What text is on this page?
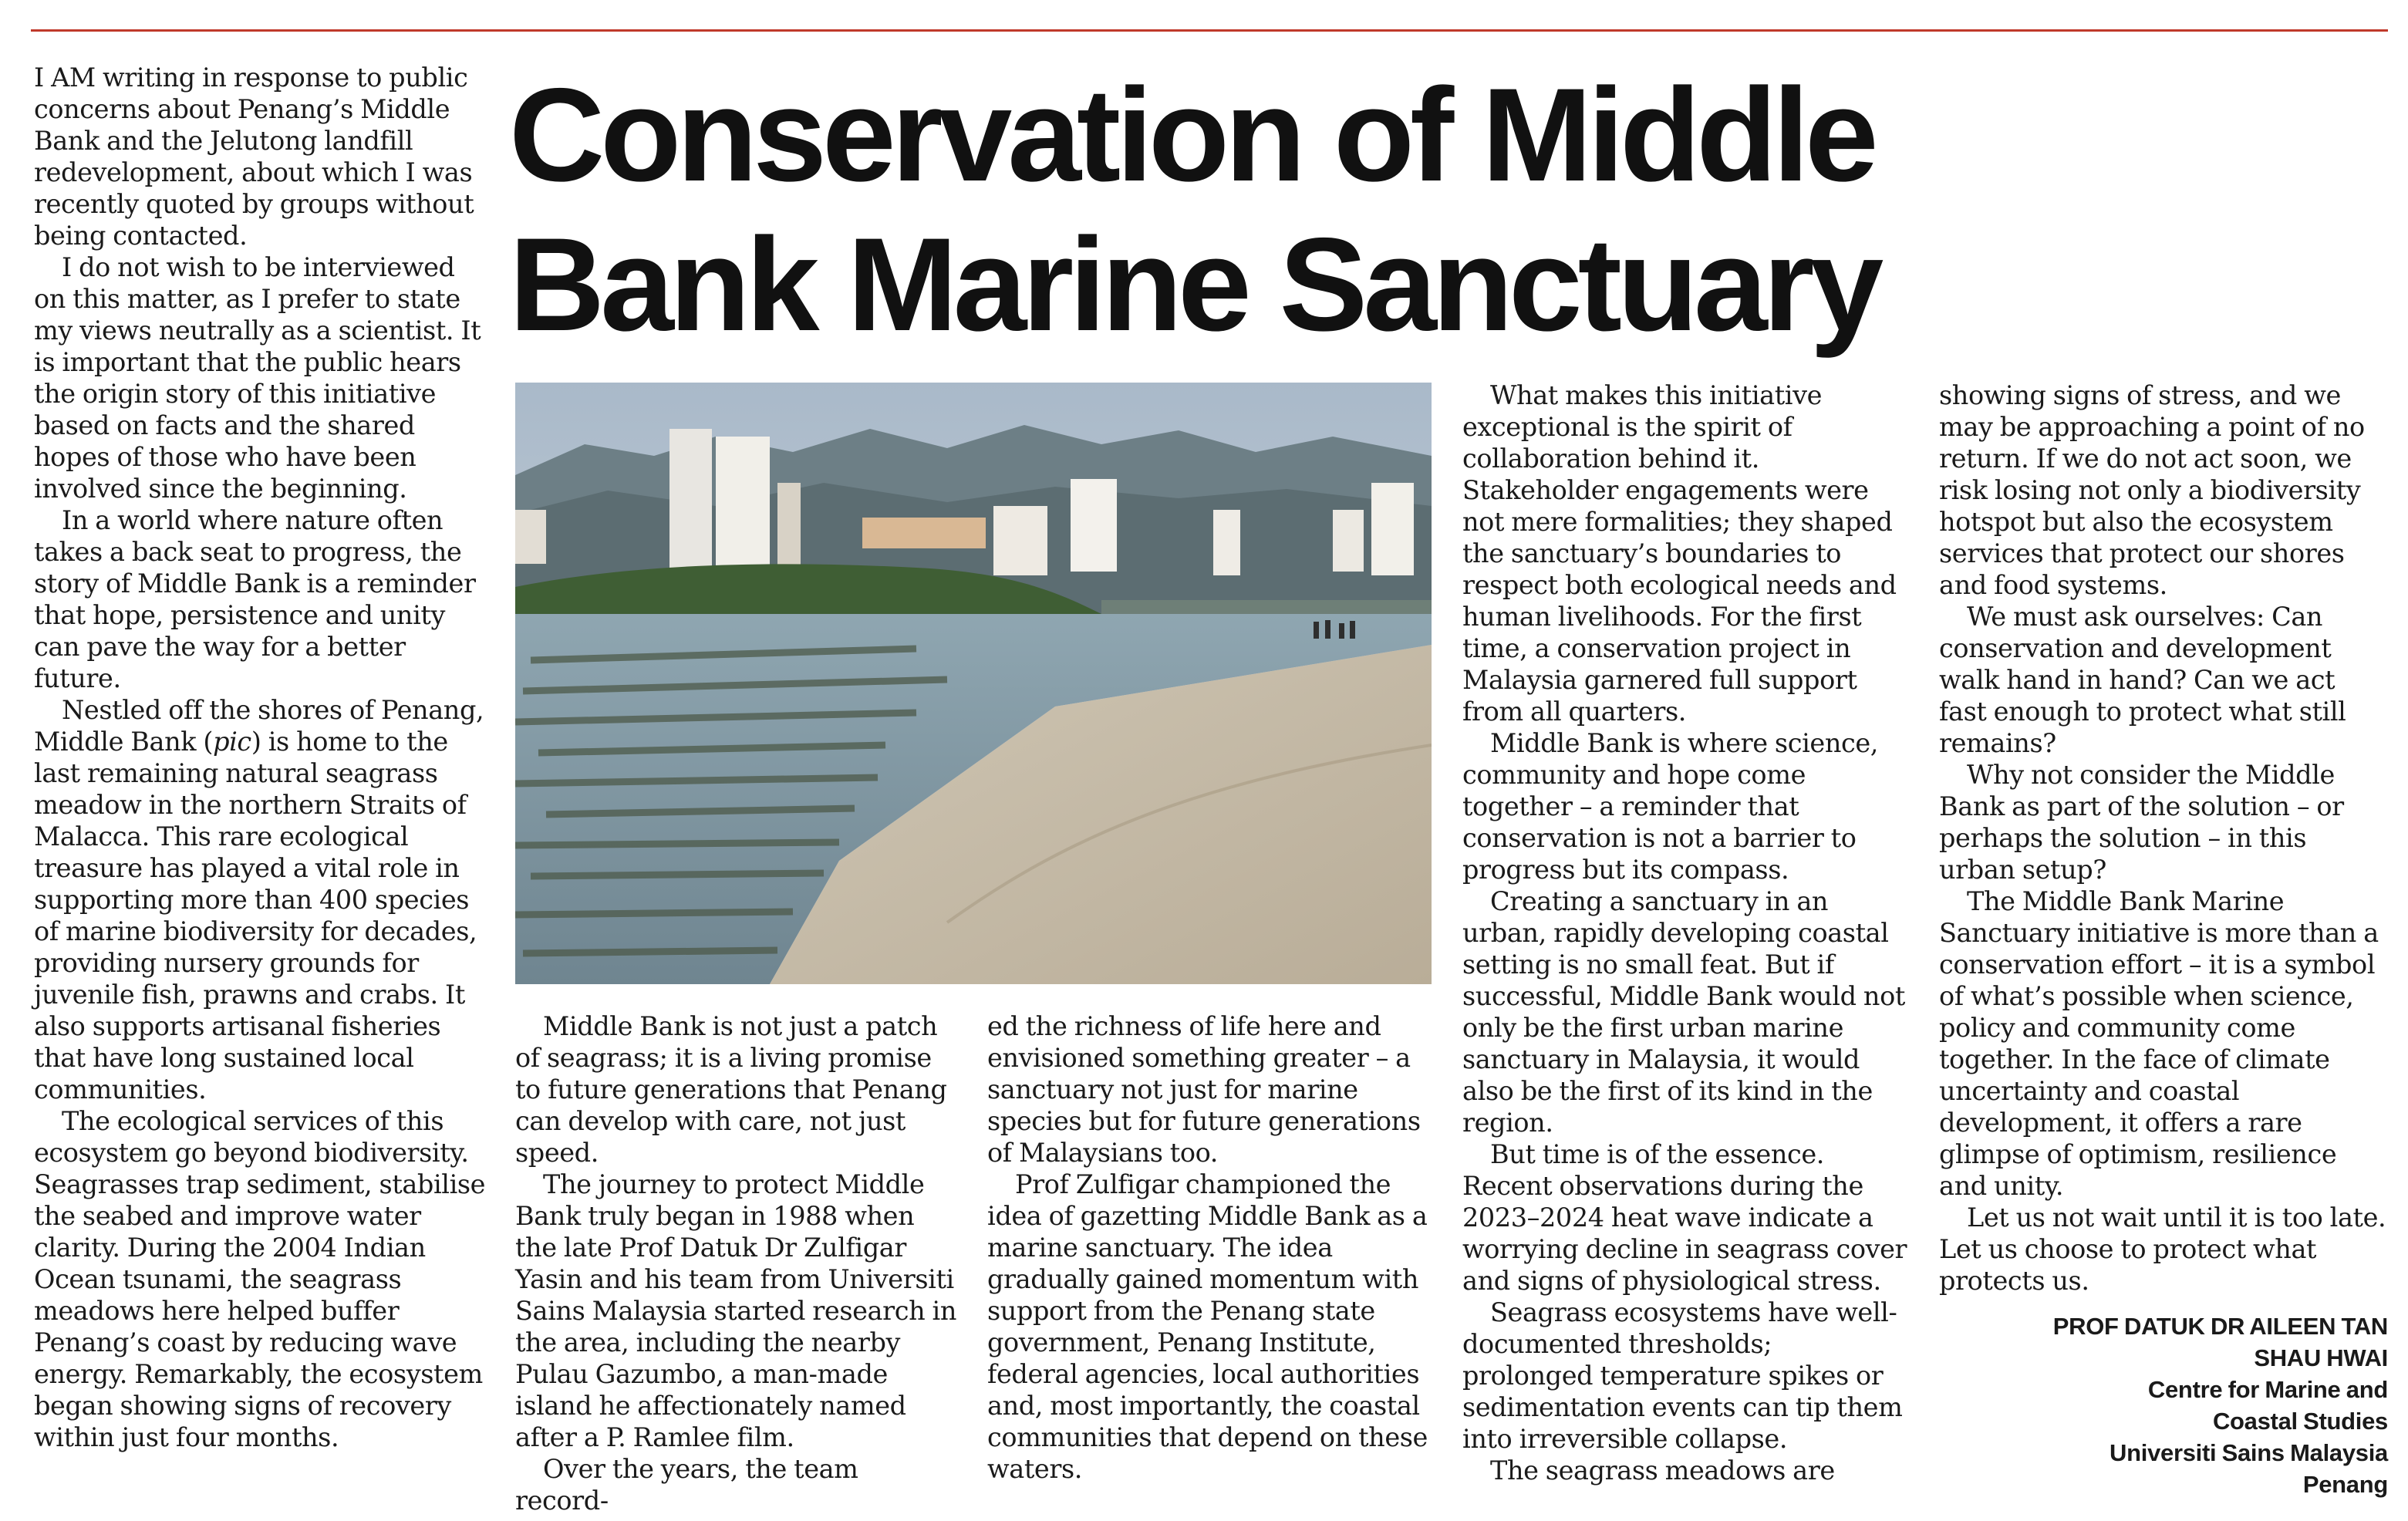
I AM writing in response to public concerns about Penang’s Middle Bank and the Jelutong landfill redevelopment, about which I was recently quoted by groups without being contacted.

I do not wish to be interviewed on this matter, as I prefer to state my views neutrally as a scientist. It is important that the public hears the origin story of this initiative based on facts and the shared hopes of those who have been involved since the beginning.

In a world where nature often takes a back seat to progress, the story of Middle Bank is a reminder that hope, persistence and unity can pave the way for a better future.

Nestled off the shores of Penang, Middle Bank (pic) is home to the last remaining natural seagrass meadow in the northern Straits of Malacca. This rare ecological treasure has played a vital role in supporting more than 400 species of marine biodiversity for decades, providing nursery grounds for juvenile fish, prawns and crabs. It also supports artisanal fisheries that have long sustained local communities.

The ecological services of this ecosystem go beyond biodiversity. Seagrasses trap sediment, stabilise the seabed and improve water clarity. During the 2004 Indian Ocean tsunami, the seagrass meadows here helped buffer Penang’s coast by reducing wave energy. Remarkably, the ecosystem began showing signs of recovery within just four months.

Conservation of Middle
Bank Marine Sanctuary

Middle Bank is not just a patch of seagrass; it is a living promise to future generations that Penang can develop with care, not just speed.

The journey to protect Middle Bank truly began in 1988 when the late Prof Datuk Dr Zulfigar Yasin and his team from Universiti Sains Malaysia started research in the area, including the nearby Pulau Gazumbo, a man-made island he affectionately named after a P. Ramlee film.

Over the years, the team record-

ed the richness of life here and envisioned something greater – a sanctuary not just for marine species but for future generations of Malaysians too.

Prof Zulfigar championed the idea of gazetting Middle Bank as a marine sanctuary. The idea gradually gained momentum with support from the Penang state government, Penang Institute, federal agencies, local authorities and, most importantly, the coastal communities that depend on these waters.

What makes this initiative exceptional is the spirit of collaboration behind it. Stakeholder engagements were not mere formalities; they shaped the sanctuary’s boundaries to respect both ecological needs and human livelihoods. For the first time, a conservation project in Malaysia garnered full support from all quarters.

Middle Bank is where science, community and hope come together – a reminder that conservation is not a barrier to progress but its compass.

Creating a sanctuary in an urban, rapidly developing coastal setting is no small feat. But if successful, Middle Bank would not only be the first urban marine sanctuary in Malaysia, it would also be the first of its kind in the region.

But time is of the essence. Recent observations during the 2023–2024 heat wave indicate a worrying decline in seagrass cover and signs of physiological stress.

Seagrass ecosystems have well-documented thresholds; prolonged temperature spikes or sedimentation events can tip them into irreversible collapse.

The seagrass meadows are

showing signs of stress, and we may be approaching a point of no return. If we do not act soon, we risk losing not only a biodiversity hotspot but also the ecosystem services that protect our shores and food systems.

We must ask ourselves: Can conservation and development walk hand in hand? Can we act fast enough to protect what still remains?

Why not consider the Middle Bank as part of the solution – or perhaps the solution – in this urban setup?

The Middle Bank Marine Sanctuary initiative is more than a conservation effort – it is a symbol of what’s possible when science, policy and community come together. In the face of climate uncertainty and coastal development, it offers a rare glimpse of optimism, resilience and unity.

Let us not wait until it is too late. Let us choose to protect what protects us.

PROF DATUK DR AILEEN TAN
SHAU HWAI
Centre for Marine and
Coastal Studies
Universiti Sains Malaysia
Penang
